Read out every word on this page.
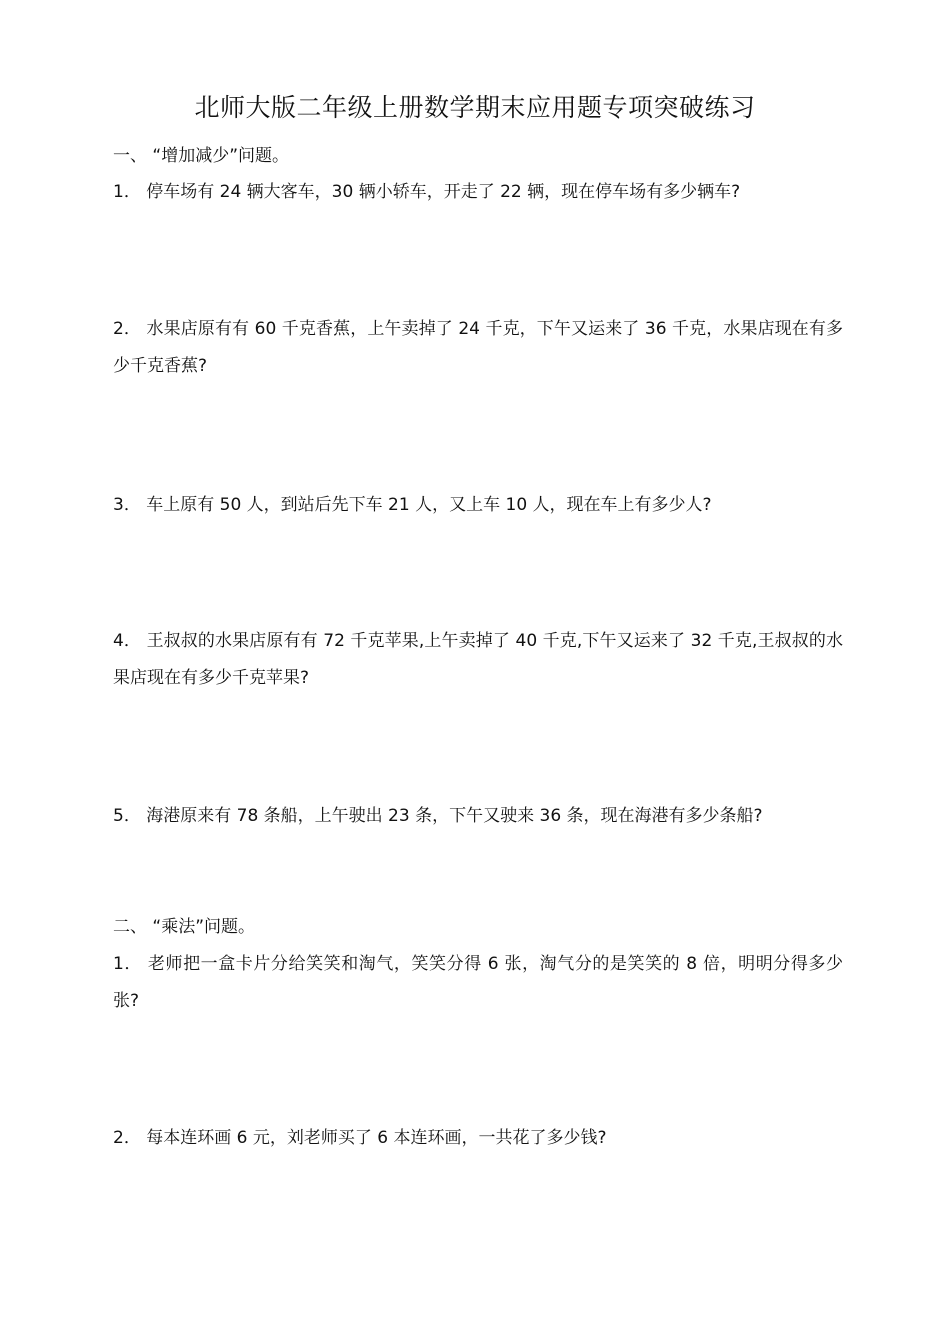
北师大版二年级上册数学期末应用题专项突破练习
一、 “增加减少”问题。
1． 停车场有 24 辆大客车，30 辆小轿车，开走了 22 辆，现在停车场有多少辆车?
2． 水果店原有有 60 千克香蕉，上午卖掉了 24 千克，下午又运来了 36 千克，水果店现在有多少千克香蕉?
3． 车上原有 50 人，到站后先下车 21 人，又上车 10 人，现在车上有多少人?
4． 王叔叔的水果店原有有 72 千克苹果,上午卖掉了 40 千克,下午又运来了 32 千克,王叔叔的水果店现在有多少千克苹果?
5． 海港原来有 78 条船，上午驶出 23 条，下午又驶来 36 条，现在海港有多少条船?
二、 “乘法”问题。
1． 老师把一盒卡片分给笑笑和淘气，笑笑分得 6 张，淘气分的是笑笑的 8 倍，明明分得多少张?
2． 每本连环画 6 元，刘老师买了 6 本连环画，一共花了多少钱?
